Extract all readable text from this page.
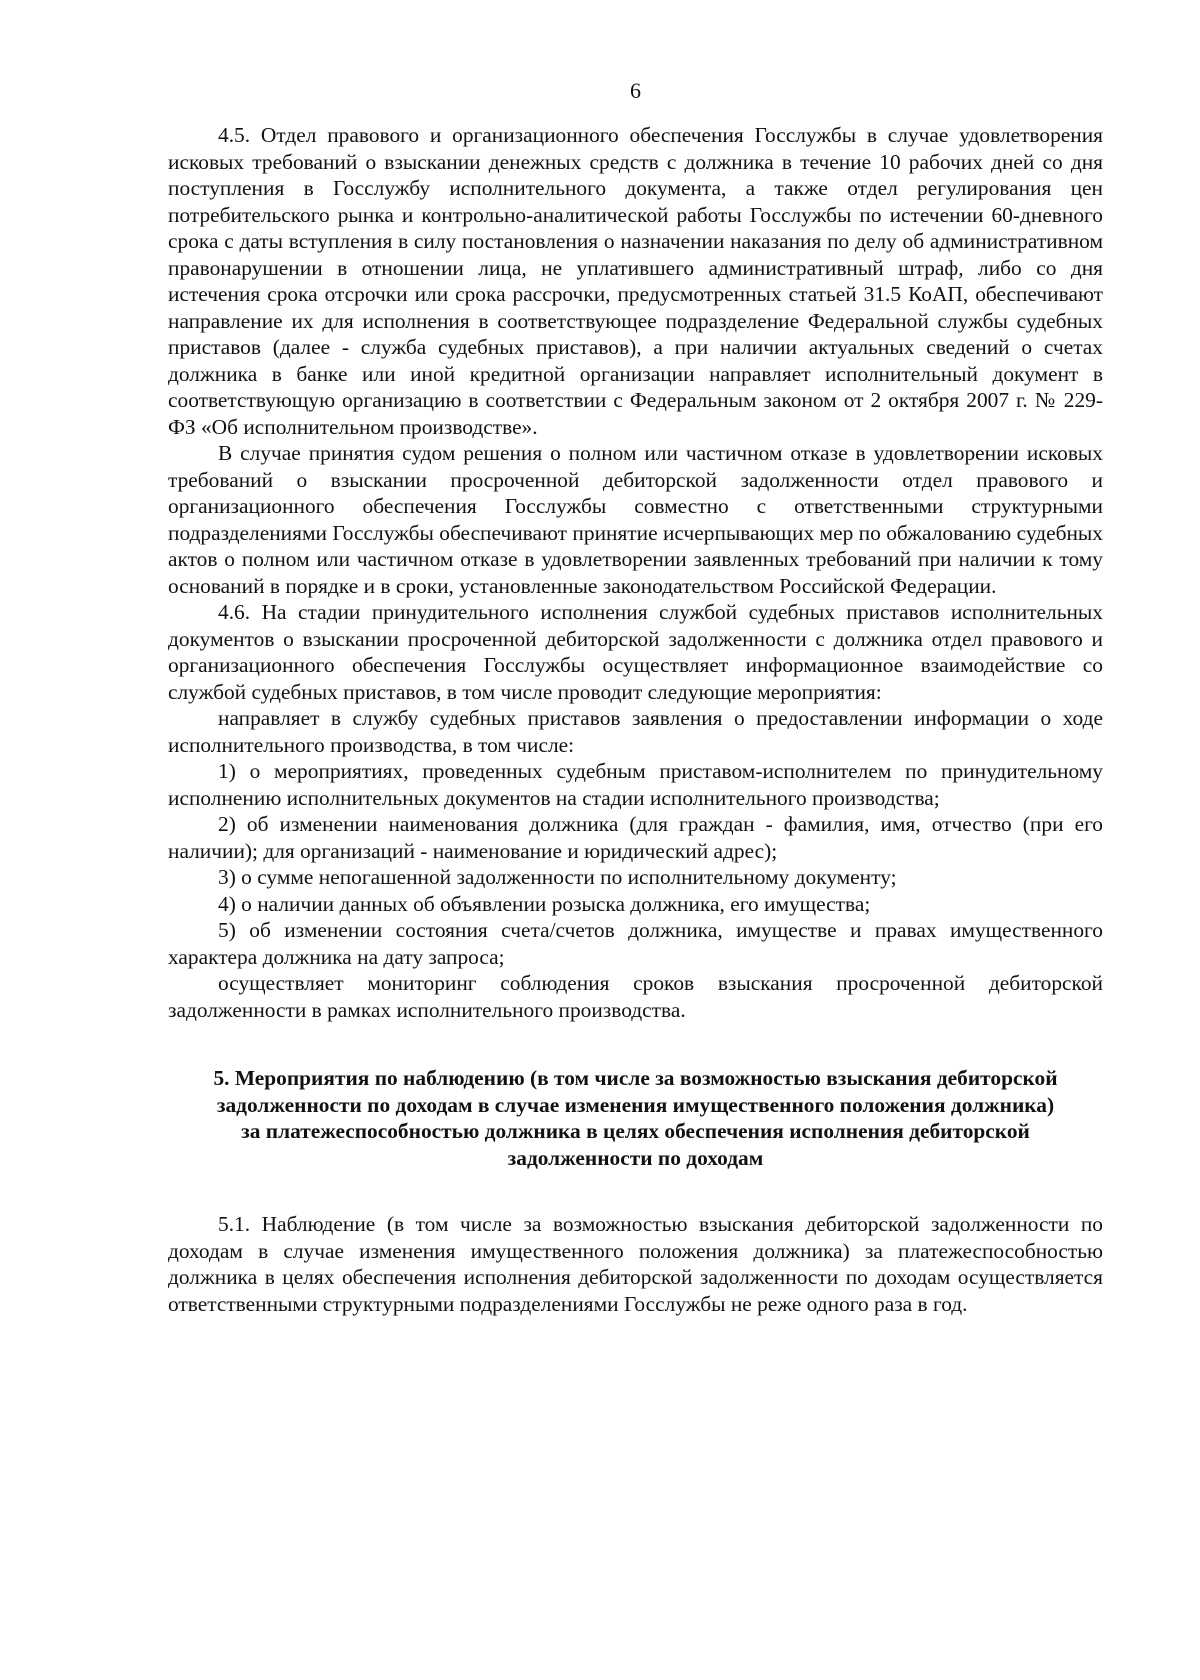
6

4.5. Отдел правового и организационного обеспечения Госслужбы в случае удовлетворения исковых требований о взыскании денежных средств с должника в течение 10 рабочих дней со дня поступления в Госслужбу исполнительного документа, а также отдел регулирования цен потребительского рынка и контрольно-аналитической работы Госслужбы по истечении 60-дневного срока с даты вступления в силу постановления о назначении наказания по делу об административном правонарушении в отношении лица, не уплатившего административный штраф, либо со дня истечения срока отсрочки или срока рассрочки, предусмотренных статьей 31.5 КоАП, обеспечивают направление их для исполнения в соответствующее подразделение Федеральной службы судебных приставов (далее - служба судебных приставов), а при наличии актуальных сведений о счетах должника в банке или иной кредитной организации направляет исполнительный документ в соответствующую организацию в соответствии с Федеральным законом от 2 октября 2007 г. № 229-ФЗ «Об исполнительном производстве».

В случае принятия судом решения о полном или частичном отказе в удовлетворении исковых требований о взыскании просроченной дебиторской задолженности отдел правового и организационного обеспечения Госслужбы совместно с ответственными структурными подразделениями Госслужбы обеспечивают принятие исчерпывающих мер по обжалованию судебных актов о полном или частичном отказе в удовлетворении заявленных требований при наличии к тому оснований в порядке и в сроки, установленные законодательством Российской Федерации.

4.6. На стадии принудительного исполнения службой судебных приставов исполнительных документов о взыскании просроченной дебиторской задолженности с должника отдел правового и организационного обеспечения Госслужбы осуществляет информационное взаимодействие со службой судебных приставов, в том числе проводит следующие мероприятия:

направляет в службу судебных приставов заявления о предоставлении информации о ходе исполнительного производства, в том числе:

1) о мероприятиях, проведенных судебным приставом-исполнителем по принудительному исполнению исполнительных документов на стадии исполнительного производства;

2) об изменении наименования должника (для граждан - фамилия, имя, отчество (при его наличии); для организаций - наименование и юридический адрес);

3) о сумме непогашенной задолженности по исполнительному документу;

4) о наличии данных об объявлении розыска должника, его имущества;

5) об изменении состояния счета/счетов должника, имуществе и правах имущественного характера должника на дату запроса;

осуществляет мониторинг соблюдения сроков взыскания просроченной дебиторской задолженности в рамках исполнительного производства.

5. Мероприятия по наблюдению (в том числе за возможностью взыскания дебиторской задолженности по доходам в случае изменения имущественного положения должника) за платежеспособностью должника в целях обеспечения исполнения дебиторской задолженности по доходам

5.1. Наблюдение (в том числе за возможностью взыскания дебиторской задолженности по доходам в случае изменения имущественного положения должника) за платежеспособностью должника в целях обеспечения исполнения дебиторской задолженности по доходам осуществляется ответственными структурными подразделениями Госслужбы не реже одного раза в год.
